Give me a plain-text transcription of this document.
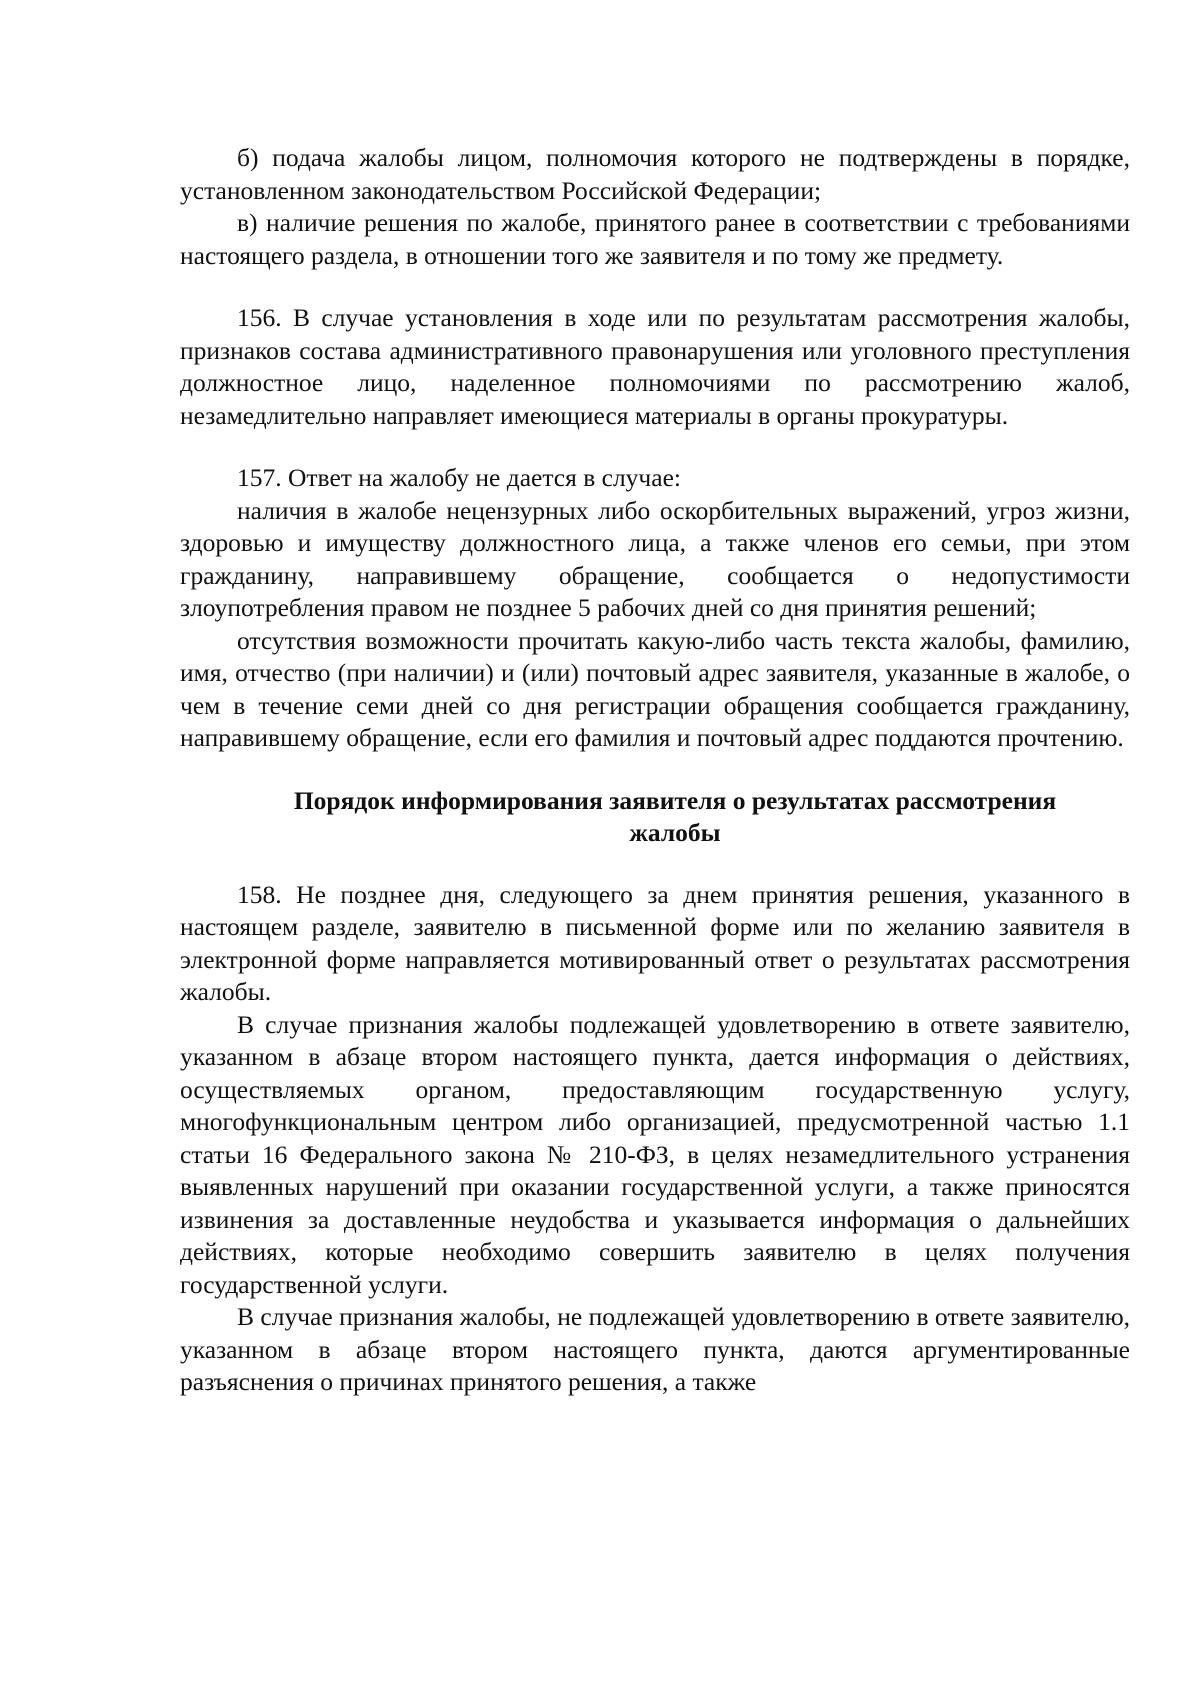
б) подача жалобы лицом, полномочия которого не подтверждены в порядке, установленном законодательством Российской Федерации;

в) наличие решения по жалобе, принятого ранее в соответствии с требованиями настоящего раздела, в отношении того же заявителя и по тому же предмету.

156. В случае установления в ходе или по результатам рассмотрения жалобы, признаков состава административного правонарушения или уголовного преступления должностное лицо, наделенное полномочиями по рассмотрению жалоб, незамедлительно направляет имеющиеся материалы в органы прокуратуры.

157. Ответ на жалобу не дается в случае:

наличия в жалобе нецензурных либо оскорбительных выражений, угроз жизни, здоровью и имуществу должностного лица, а также членов его семьи, при этом гражданину, направившему обращение, сообщается о недопустимости злоупотребления правом не позднее 5 рабочих дней со дня принятия решений;

отсутствия возможности прочитать какую-либо часть текста жалобы, фамилию, имя, отчество (при наличии) и (или) почтовый адрес заявителя, указанные в жалобе, о чем в течение семи дней со дня регистрации обращения сообщается гражданину, направившему обращение, если его фамилия и почтовый адрес поддаются прочтению.

Порядок информирования заявителя о результатах рассмотрения
жалобы

158. Не позднее дня, следующего за днем принятия решения, указанного в настоящем разделе, заявителю в письменной форме или по желанию заявителя в электронной форме направляется мотивированный ответ о результатах рассмотрения жалобы.

В случае признания жалобы подлежащей удовлетворению в ответе заявителю, указанном в абзаце втором настоящего пункта, дается информация о действиях, осуществляемых органом, предоставляющим государственную услугу, многофункциональным центром либо организацией, предусмотренной частью 1.1 статьи 16 Федерального закона № 210-ФЗ, в целях незамедлительного устранения выявленных нарушений при оказании государственной услуги, а также приносятся извинения за доставленные неудобства и указывается информация о дальнейших действиях, которые необходимо совершить заявителю в целях получения государственной услуги.

В случае признания жалобы, не подлежащей удовлетворению в ответе заявителю, указанном в абзаце втором настоящего пункта, даются аргументированные разъяснения о причинах принятого решения, а также
